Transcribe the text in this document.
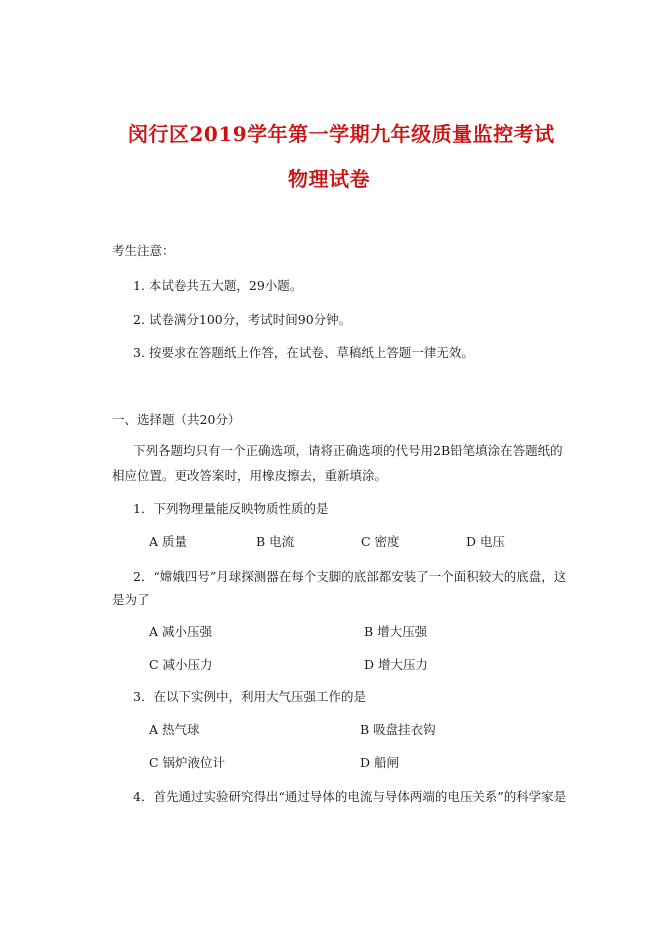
闵行区2019学年第一学期九年级质量监控考试
物理试卷
考生注意：
1. 本试卷共五大题，29小题。
2. 试卷满分100分，考试时间90分钟。
3. 按要求在答题纸上作答，在试卷、草稿纸上答题一律无效。
一、选择题（共20分）
下列各题均只有一个正确选项，请将正确选项的代号用2B铅笔填涂在答题纸的
相应位置。更改答案时，用橡皮擦去，重新填涂。
1．下列物理量能反映物质性质的是
A 质量	B 电流	C 密度	D 电压
2．“嫦娥四号”月球探测器在每个支脚的底部都安装了一个面积较大的底盘，这
是为了
A 减小压强	B 增大压强
C 减小压力	D 增大压力
3．在以下实例中，利用大气压强工作的是
A 热气球	B 吸盘挂衣钩
C 锅炉液位计	D 船闸
4．首先通过实验研究得出“通过导体的电流与导体两端的电压关系”的科学家是
